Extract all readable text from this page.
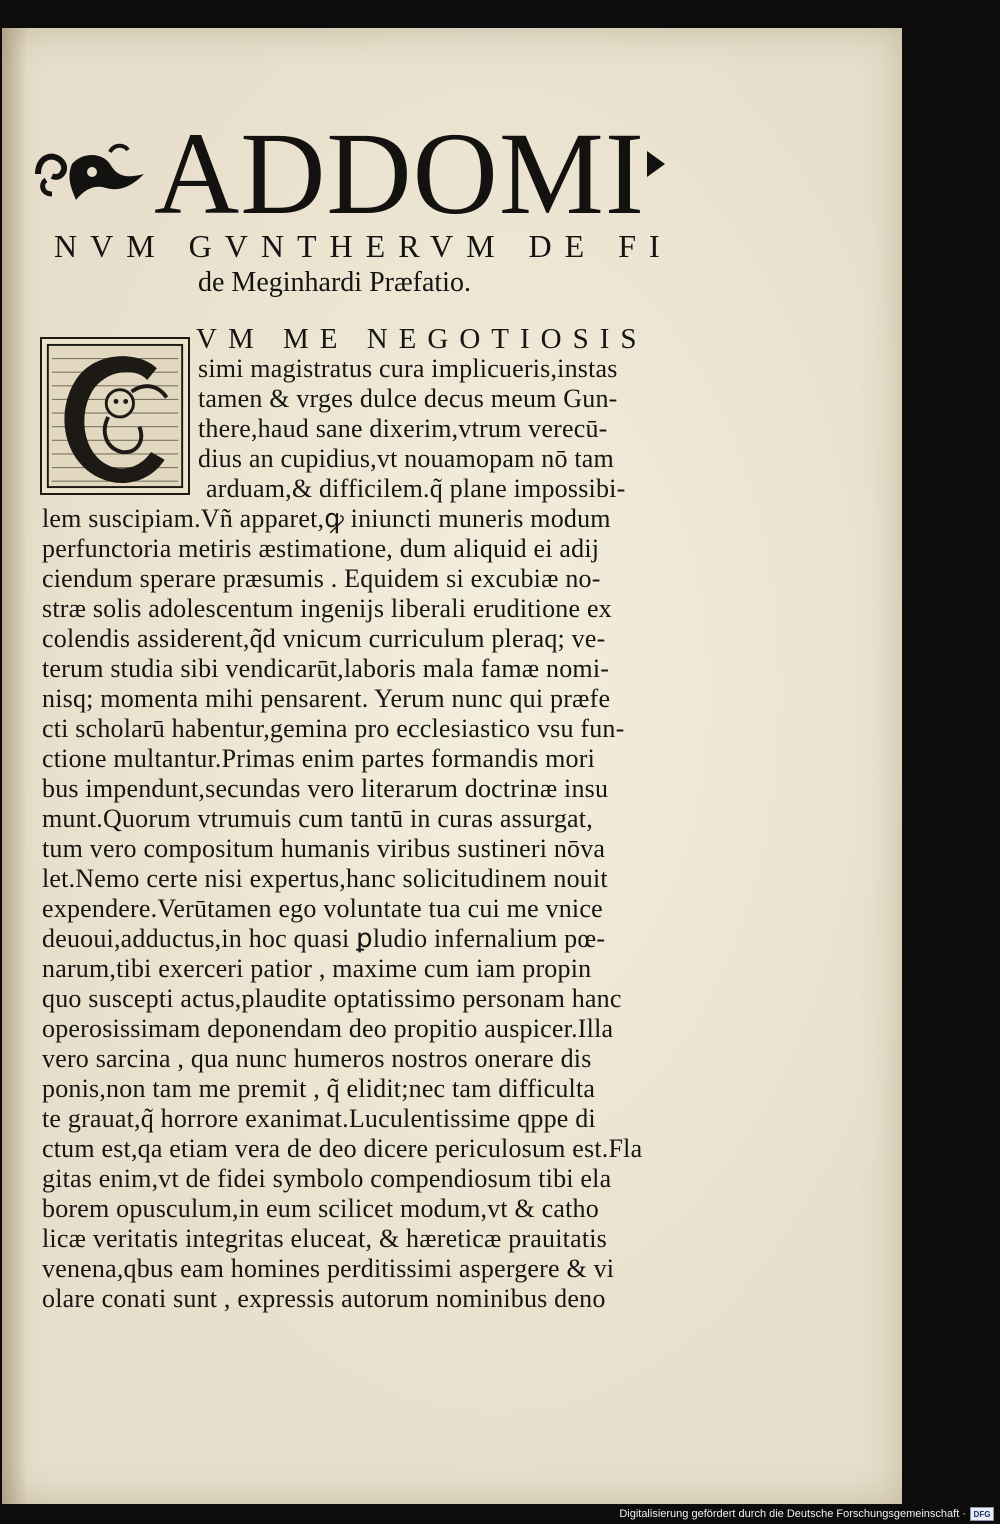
ADDOMI
NVM GVNTHERVM DE FI
de Meginhardi Præfatio.
VM ME NEGOTIOSIS
simi magistratus cura implicueris,instas
tamen & vrges dulce decus meum Gun-
there,haud sane dixerim,vtrum verecū-
dius an cupidius,vt nouamopam nō tam
arduam,& difficilem.q̃ plane impossibi-
lem suscipiam.Vñ apparet,ꝙ iniuncti muneris modum
perfunctoria metiris æstimatione, dum aliquid ei adij
ciendum sperare præsumis . Equidem si excubiæ no-
stræ solis adolescentum ingenijs liberali eruditione ex
colendis assiderent,q̃d vnicum curriculum pleraq; ve-
terum studia sibi vendicarūt,laboris mala famæ nomi-
nisq; momenta mihi pensarent. Yerum nunc qui præfe
cti scholarū habentur,gemina pro ecclesiastico vsu fun-
ctione multantur.Primas enim partes formandis mori
bus impendunt,secundas vero literarum doctrinæ insu
munt.Quorum vtrumuis cum tantū in curas assurgat,
tum vero compositum humanis viribus sustineri nōva
let.Nemo certe nisi expertus,hanc solicitudinem nouit
expendere.Verūtamen ego voluntate tua cui me vnice
deuoui,adductus,in hoc quasi ꝑludio infernalium pœ-
narum,tibi exerceri patior , maxime cum iam propin
quo suscepti actus,plaudite optatissimo personam hanc
operosissimam deponendam deo propitio auspicer.Illa
vero sarcina , qua nunc humeros nostros onerare dis
ponis,non tam me premit , q̃ elidit;nec tam difficulta
te grauat,q̃ horrore exanimat.Luculentissime qppe di
ctum est,qa etiam vera de deo dicere periculosum est.Fla
gitas enim,vt de fidei symbolo compendiosum tibi ela
borem opusculum,in eum scilicet modum,vt & catho
licæ veritatis integritas eluceat, & hæreticæ prauitatis
venena,qbus eam homines perditissimi aspergere & vi
olare conati sunt , expressis autorum nominibus deno
Digitalisierung gefördert durch die Deutsche Forschungsgemeinschaft · DFG
